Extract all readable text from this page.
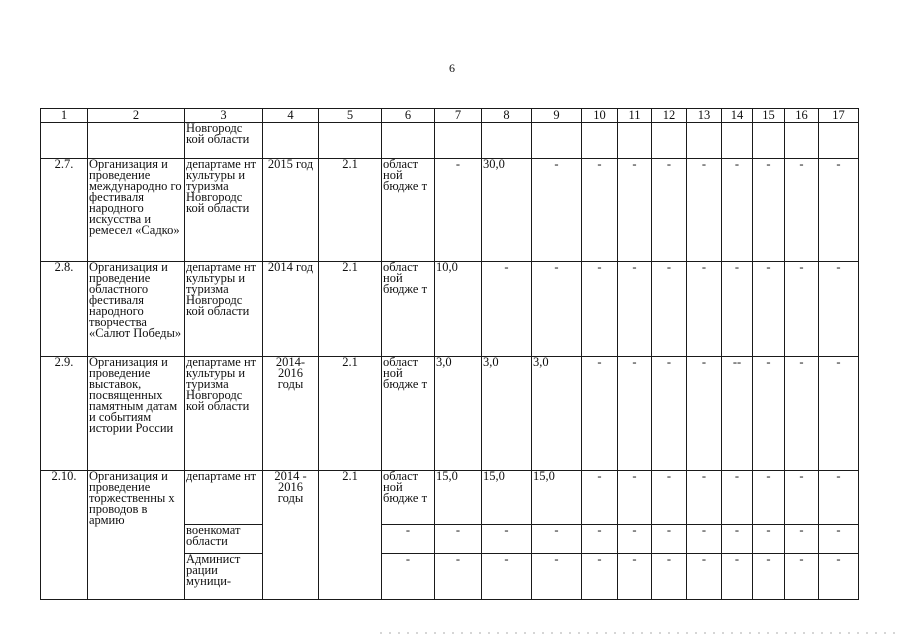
6
1	2	3	4	5	6	7	8	9	10	11	12	13	14	15	16	17
		Новгородс кой области														
2.7.	Организация и проведение международно го фестиваля народного искусства и ремесел «Садко»	департаме нт культуры и туризма Новгородс кой области	2015 год	2.1	област ной бюдже т	-	30,0	-	-	-	-	-	-	-	-	-
2.8.	Организация и проведение областного фестиваля народного творчества «Салют Победы»	департаме нт культуры и туризма Новгородс кой области	2014 год	2.1	област ной бюдже т	10,0	-	-	-	-	-	-	-	-	-	-
2.9.	Организация и проведение выставок, посвященных памятным датам и событиям истории России	департаме нт культуры и туризма Новгородс кой области	2014-2016 годы	2.1	област ной бюдже т	3,0	3,0	3,0	-	-	-	-	--	-	-	-
2.10.	Организация и проведение торжественны х проводов в армию	департаме нт	2014 - 2016 годы	2.1	област ной бюдже т	15,0	15,0	15,0	-	-	-	-	-	-	-	-
		военкомат области			-	-	-	-	-	-	-	-	-	-	-	-
		Админист рации муници-			-	-	-	-	-	-	-	-	-	-	-	-
